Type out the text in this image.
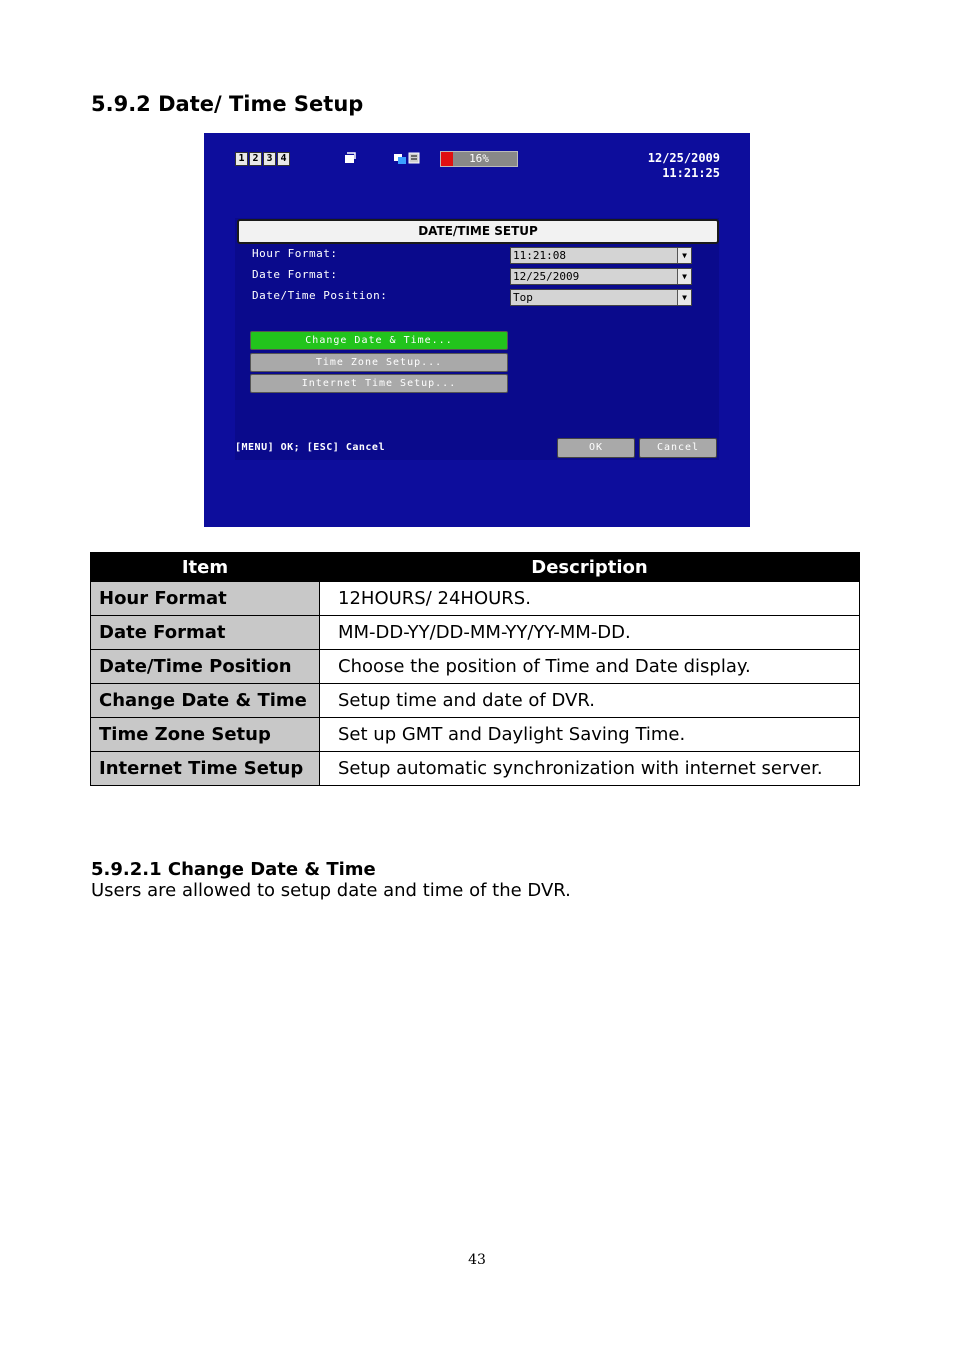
5.9.2 Date/ Time Setup
1 2 3 4	16%	12/25/2009
11:21:25
DATE/TIME SETUP
Hour Format:	11:21:08	▼
Date Format:	12/25/2009	▼
Date/Time Position:	Top	▼
Change Date & Time...
Time Zone Setup...
Internet Time Setup...
[MENU] OK; [ESC] Cancel	OK	Cancel
Item	Description
Hour Format	12HOURS/ 24HOURS.
Date Format	MM-DD-YY/DD-MM-YY/YY-MM-DD.
Date/Time Position	Choose the position of Time and Date display.
Change Date & Time	Setup time and date of DVR.
Time Zone Setup	Set up GMT and Daylight Saving Time.
Internet Time Setup	Setup automatic synchronization with internet server.
5.9.2.1 Change Date & Time

Users are allowed to setup date and time of the DVR.

43
